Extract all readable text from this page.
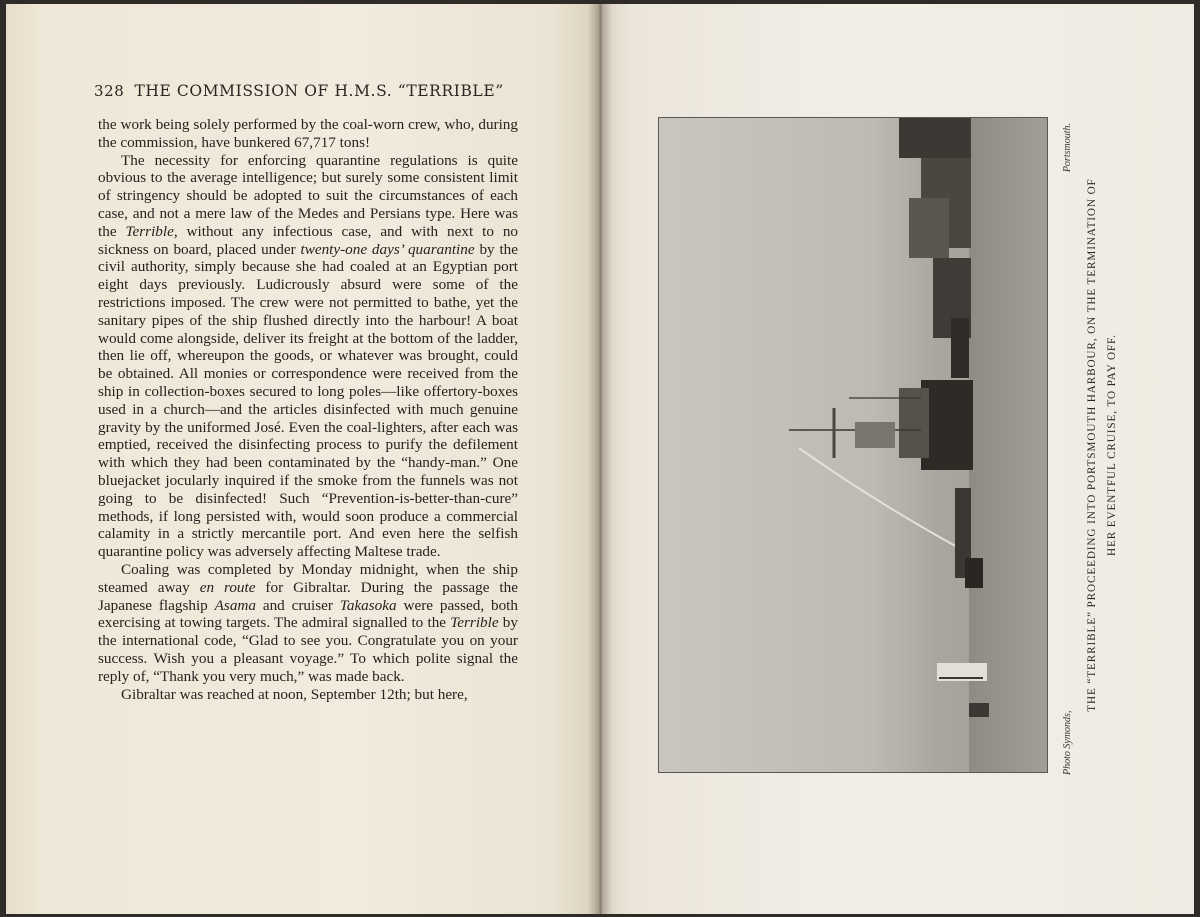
328 THE COMMISSION OF H.M.S. “TERRIBLE”

the work being solely performed by the coal-worn crew, who, during the commission, have bunkered 67,717 tons!

The necessity for enforcing quarantine regulations is quite obvious to the average intelligence; but surely some consistent limit of stringency should be adopted to suit the circumstances of each case, and not a mere law of the Medes and Persians type. Here was the Terrible, without any infectious case, and with next to no sickness on board, placed under twenty-one days’ quarantine by the civil authority, simply because she had coaled at an Egyptian port eight days previously. Ludicrously absurd were some of the restrictions imposed. The crew were not permitted to bathe, yet the sanitary pipes of the ship flushed directly into the harbour! A boat would come alongside, deliver its freight at the bottom of the ladder, then lie off, whereupon the goods, or whatever was brought, could be obtained. All monies or correspondence were received from the ship in collection-boxes secured to long poles—like offertory-boxes used in a church—and the articles disinfected with much genuine gravity by the uniformed José. Even the coal-lighters, after each was emptied, received the disinfecting process to purify the defilement with which they had been contaminated by the “handy-man.” One bluejacket jocularly inquired if the smoke from the funnels was not going to be disinfected! Such “Prevention-is-better-than-cure” methods, if long persisted with, would soon produce a commercial calamity in a strictly mercantile port. And even here the selfish quarantine policy was adversely affecting Maltese trade.

Coaling was completed by Monday midnight, when the ship steamed away en route for Gibraltar. During the passage the Japanese flagship Asama and cruiser Takasoka were passed, both exercising at towing targets. The admiral signalled to the Terrible by the international code, “Glad to see you. Congratulate you on your success. Wish you a pleasant voyage.” To which polite signal the reply of, “Thank you very much,” was made back.

Gibraltar was reached at noon, September 12th; but here,

Photo Symonds,
Portsmouth.
THE “TERRIBLE” PROCEEDING INTO PORTSMOUTH HARBOUR, ON THE TERMINATION OF HER EVENTFUL CRUISE, TO PAY OFF.
